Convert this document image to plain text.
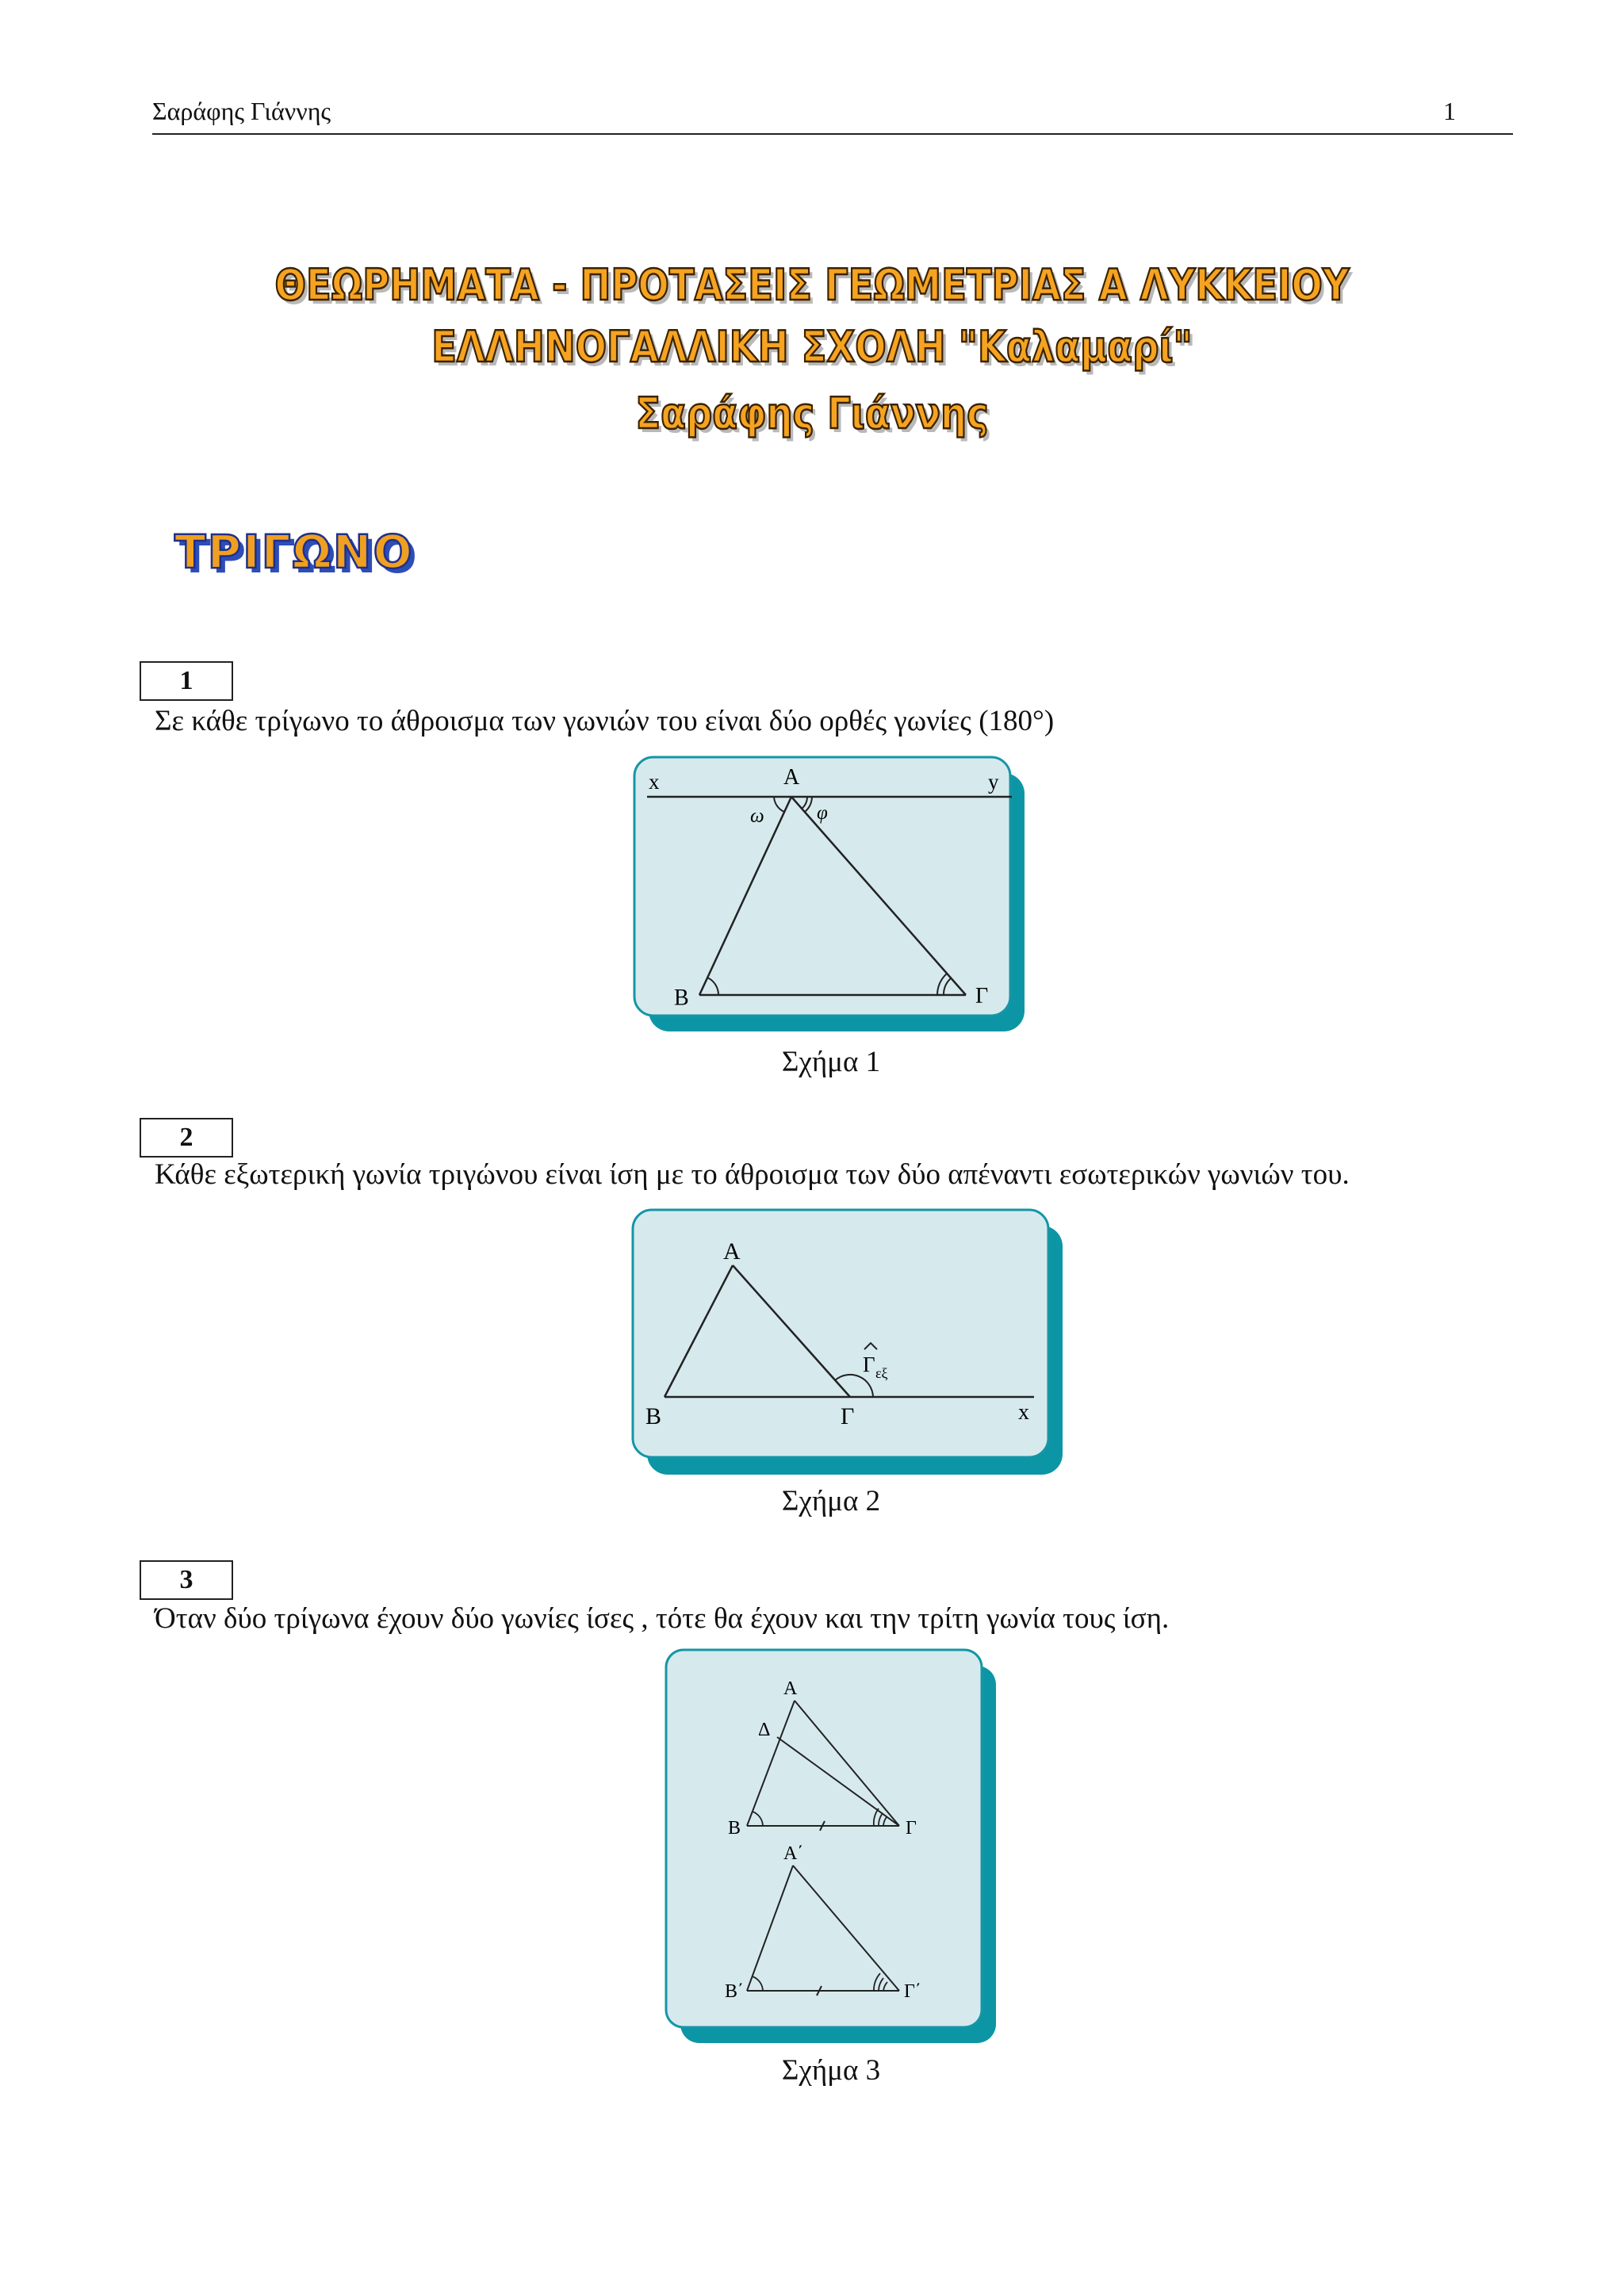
Σαράφης Γιάννης	1
ΘΕΩΡΗΜΑΤΑ - ΠΡΟΤΑΣΕΙΣ ΓΕΩΜΕΤΡΙΑΣ Α ΛΥΚΚΕΙΟΥ
ΕΛΛΗΝΟΓΑΛΛΙΚΗ ΣΧΟΛΗ "Καλαμαρί"
Σαράφης Γιάννης
ΤΡΙΓΩΝΟ
1
Σε κάθε τρίγωνο το άθροισμα των γωνιών του είναι δύο ορθές γωνίες (180°)
x	y
Α
ω	φ
Β	Γ
Σχήμα 1
2
Κάθε εξωτερική γωνία τριγώνου είναι ίση με το άθροισμα των δύο απέναντι εσωτερικών γωνιών του.
Α
Β	Γ	x
Γ εξ
Σχήμα 2
3
Όταν δύο τρίγωνα έχουν δύο γωνίες ίσες , τότε θα έχουν και την τρίτη γωνία τους ίση.
Α
Δ
Β	Γ
Α΄
Β΄	Γ΄
Σχήμα 3
